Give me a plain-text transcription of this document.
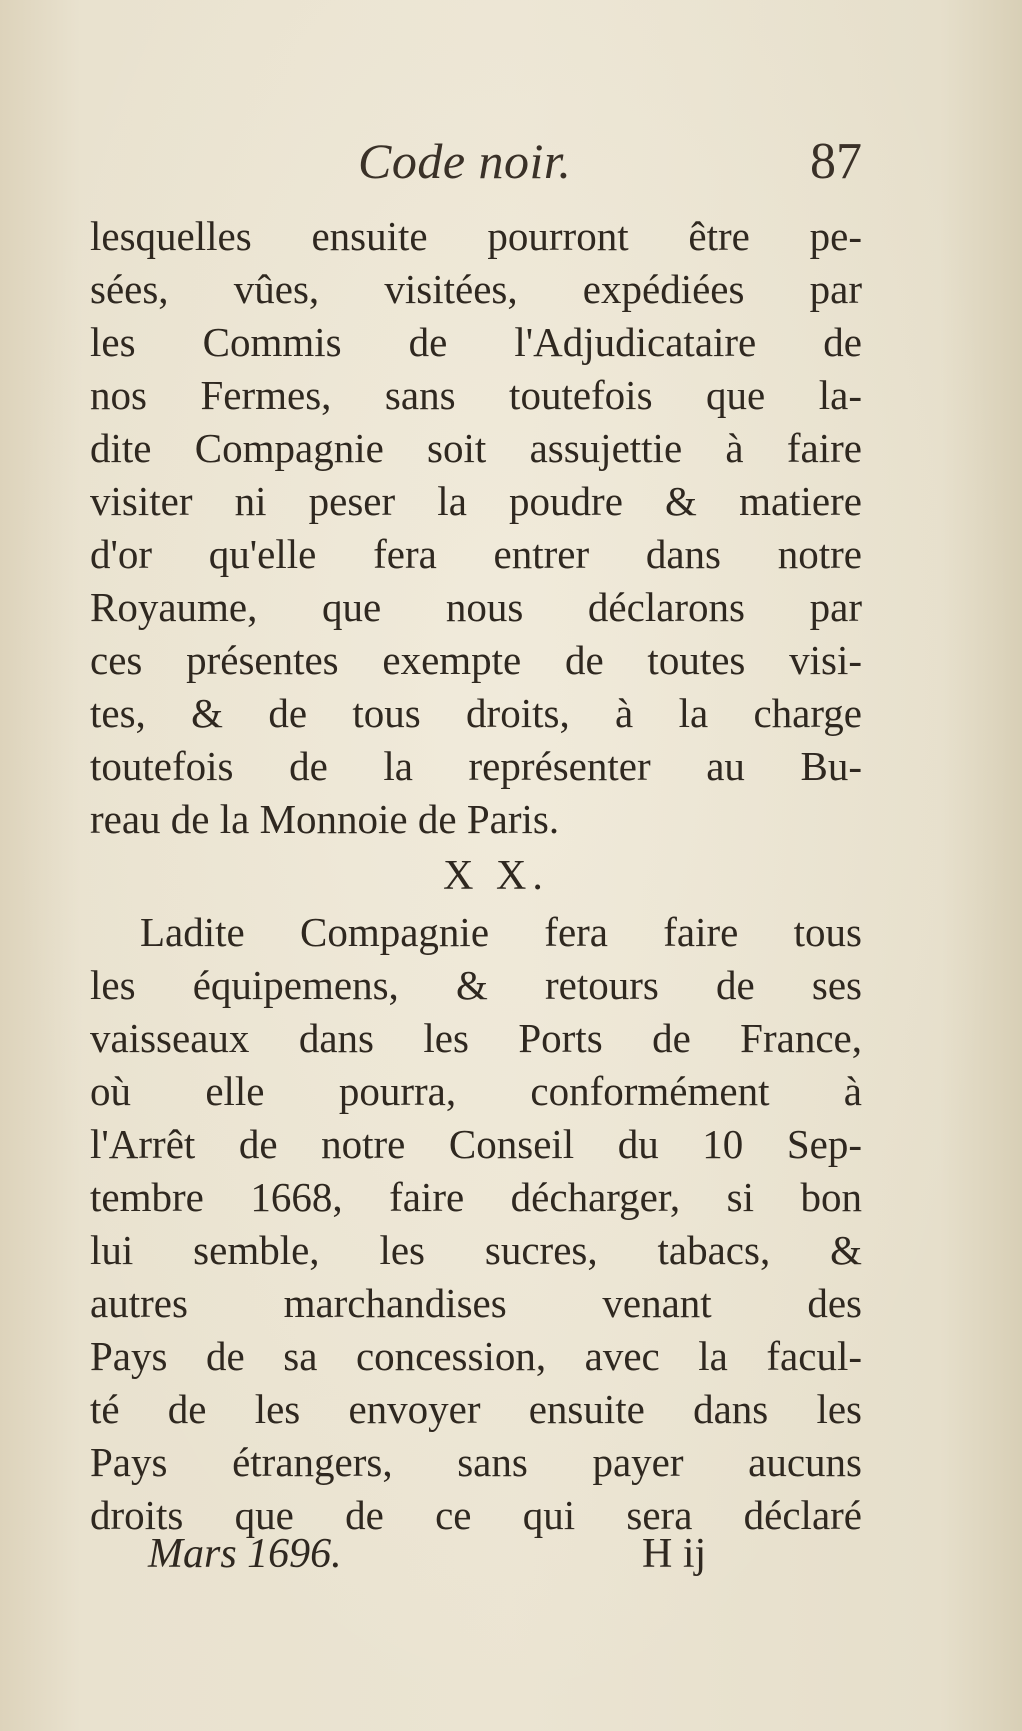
Code noir.	87
lesquelles ensuite pourront être pe-
sées, vûes, visitées, expédiées par
les Commis de l'Adjudicataire de
nos Fermes, sans toutefois que la-
dite Compagnie soit assujettie à faire
visiter ni peser la poudre & matiere
d'or qu'elle fera entrer dans notre
Royaume, que nous déclarons par
ces présentes exempte de toutes visi-
tes, & de tous droits, à la charge
toutefois de la représenter au Bu-
reau de la Monnoie de Paris.
X X.
Ladite Compagnie fera faire tous
les équipemens, & retours de ses
vaisseaux dans les Ports de France,
où elle pourra, conformément à
l'Arrêt de notre Conseil du 10 Sep-
tembre 1668, faire décharger, si bon
lui semble, les sucres, tabacs, &
autres marchandises venant des
Pays de sa concession, avec la facul-
té de les envoyer ensuite dans les
Pays étrangers, sans payer aucuns
droits que de ce qui sera déclaré
Mars 1696.	H ij
